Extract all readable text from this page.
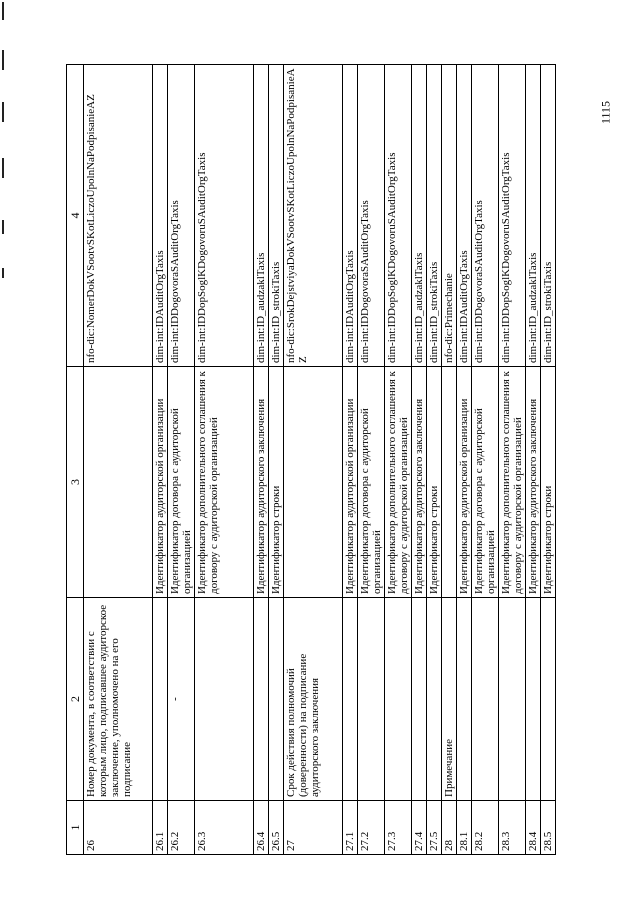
1115
1	2	3	4
26	Номер документа, в соответствии с которым лицо, подписавшее аудиторское заключение, уполномочено на его подписание		nfo-dic:NomerDokVSootvSKotLiczoUpolnNaPodpisanieAZ
26.1		Идентификатор аудиторской организации	dim-int:IDAuditOrgTaxis
26.2	-	Идентификатор договора с аудиторской организацией	dim-int:IDDogovoraSAuditOrgTaxis
26.3		Идентификатор дополнительного соглашения к договору с аудиторской организацией	dim-int:IDDopSoglKDogovoruSAuditOrgTaxis
26.4		Идентификатор аудиторского заключения	dim-int:ID_audzaklTaxis
26.5		Идентификатор строки	dim-int:ID_strokiTaxis
27	Срок действия полномочий (доверенности) на подписание аудиторского заключения		nfo-dic:SrokDejstviyaDokVSootvSKotLiczoUpolnNaPodpisanieAZ
27.1		Идентификатор аудиторской организации	dim-int:IDAuditOrgTaxis
27.2		Идентификатор договора с аудиторской организацией	dim-int:IDDogovoraSAuditOrgTaxis
27.3		Идентификатор дополнительного соглашения к договору с аудиторской организацией	dim-int:IDDopSoglKDogovoruSAuditOrgTaxis
27.4		Идентификатор аудиторского заключения	dim-int:ID_audzaklTaxis
27.5		Идентификатор строки	dim-int:ID_strokiTaxis
28	Примечание		nfo-dic:Primechanie
28.1		Идентификатор аудиторской организации	dim-int:IDAuditOrgTaxis
28.2		Идентификатор договора с аудиторской организацией	dim-int:IDDogovoraSAuditOrgTaxis
28.3		Идентификатор дополнительного соглашения к договору с аудиторской организацией	dim-int:IDDopSoglKDogovoruSAuditOrgTaxis
28.4		Идентификатор аудиторского заключения	dim-int:ID_audzaklTaxis
28.5		Идентификатор строки	dim-int:ID_strokiTaxis
